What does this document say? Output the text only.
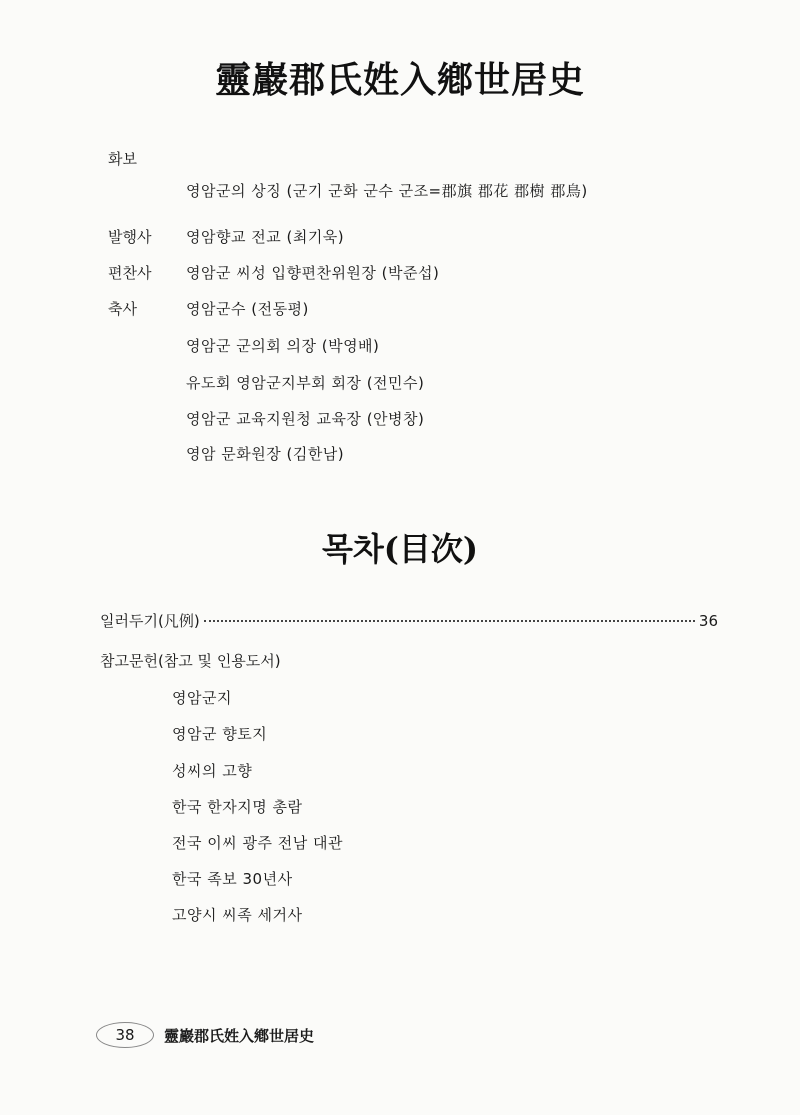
靈巖郡氏姓入鄕世居史
화보
영암군의 상징 (군기 군화 군수 군조=郡旗 郡花 郡樹 郡鳥)
발행사 영암향교 전교 (최기욱)
편찬사 영암군 씨성 입향편찬위원장 (박준섭)
축사	영암군수 (전동평)
영암군 군의회 의장 (박영배)
유도회 영암군지부회 회장 (전민수)
영암군 교육지원청 교육장 (안병창)
영암 문화원장 (김한남)
목차(目次)
일러두기(凡例)	36
참고문헌(참고 및 인용도서)
영암군지
영암군 향토지
성씨의 고향
한국 한자지명 총람
전국 이씨 광주 전남 대관
한국 족보 30년사
고양시 씨족 세거사
38	靈巖郡氏姓入鄕世居史
